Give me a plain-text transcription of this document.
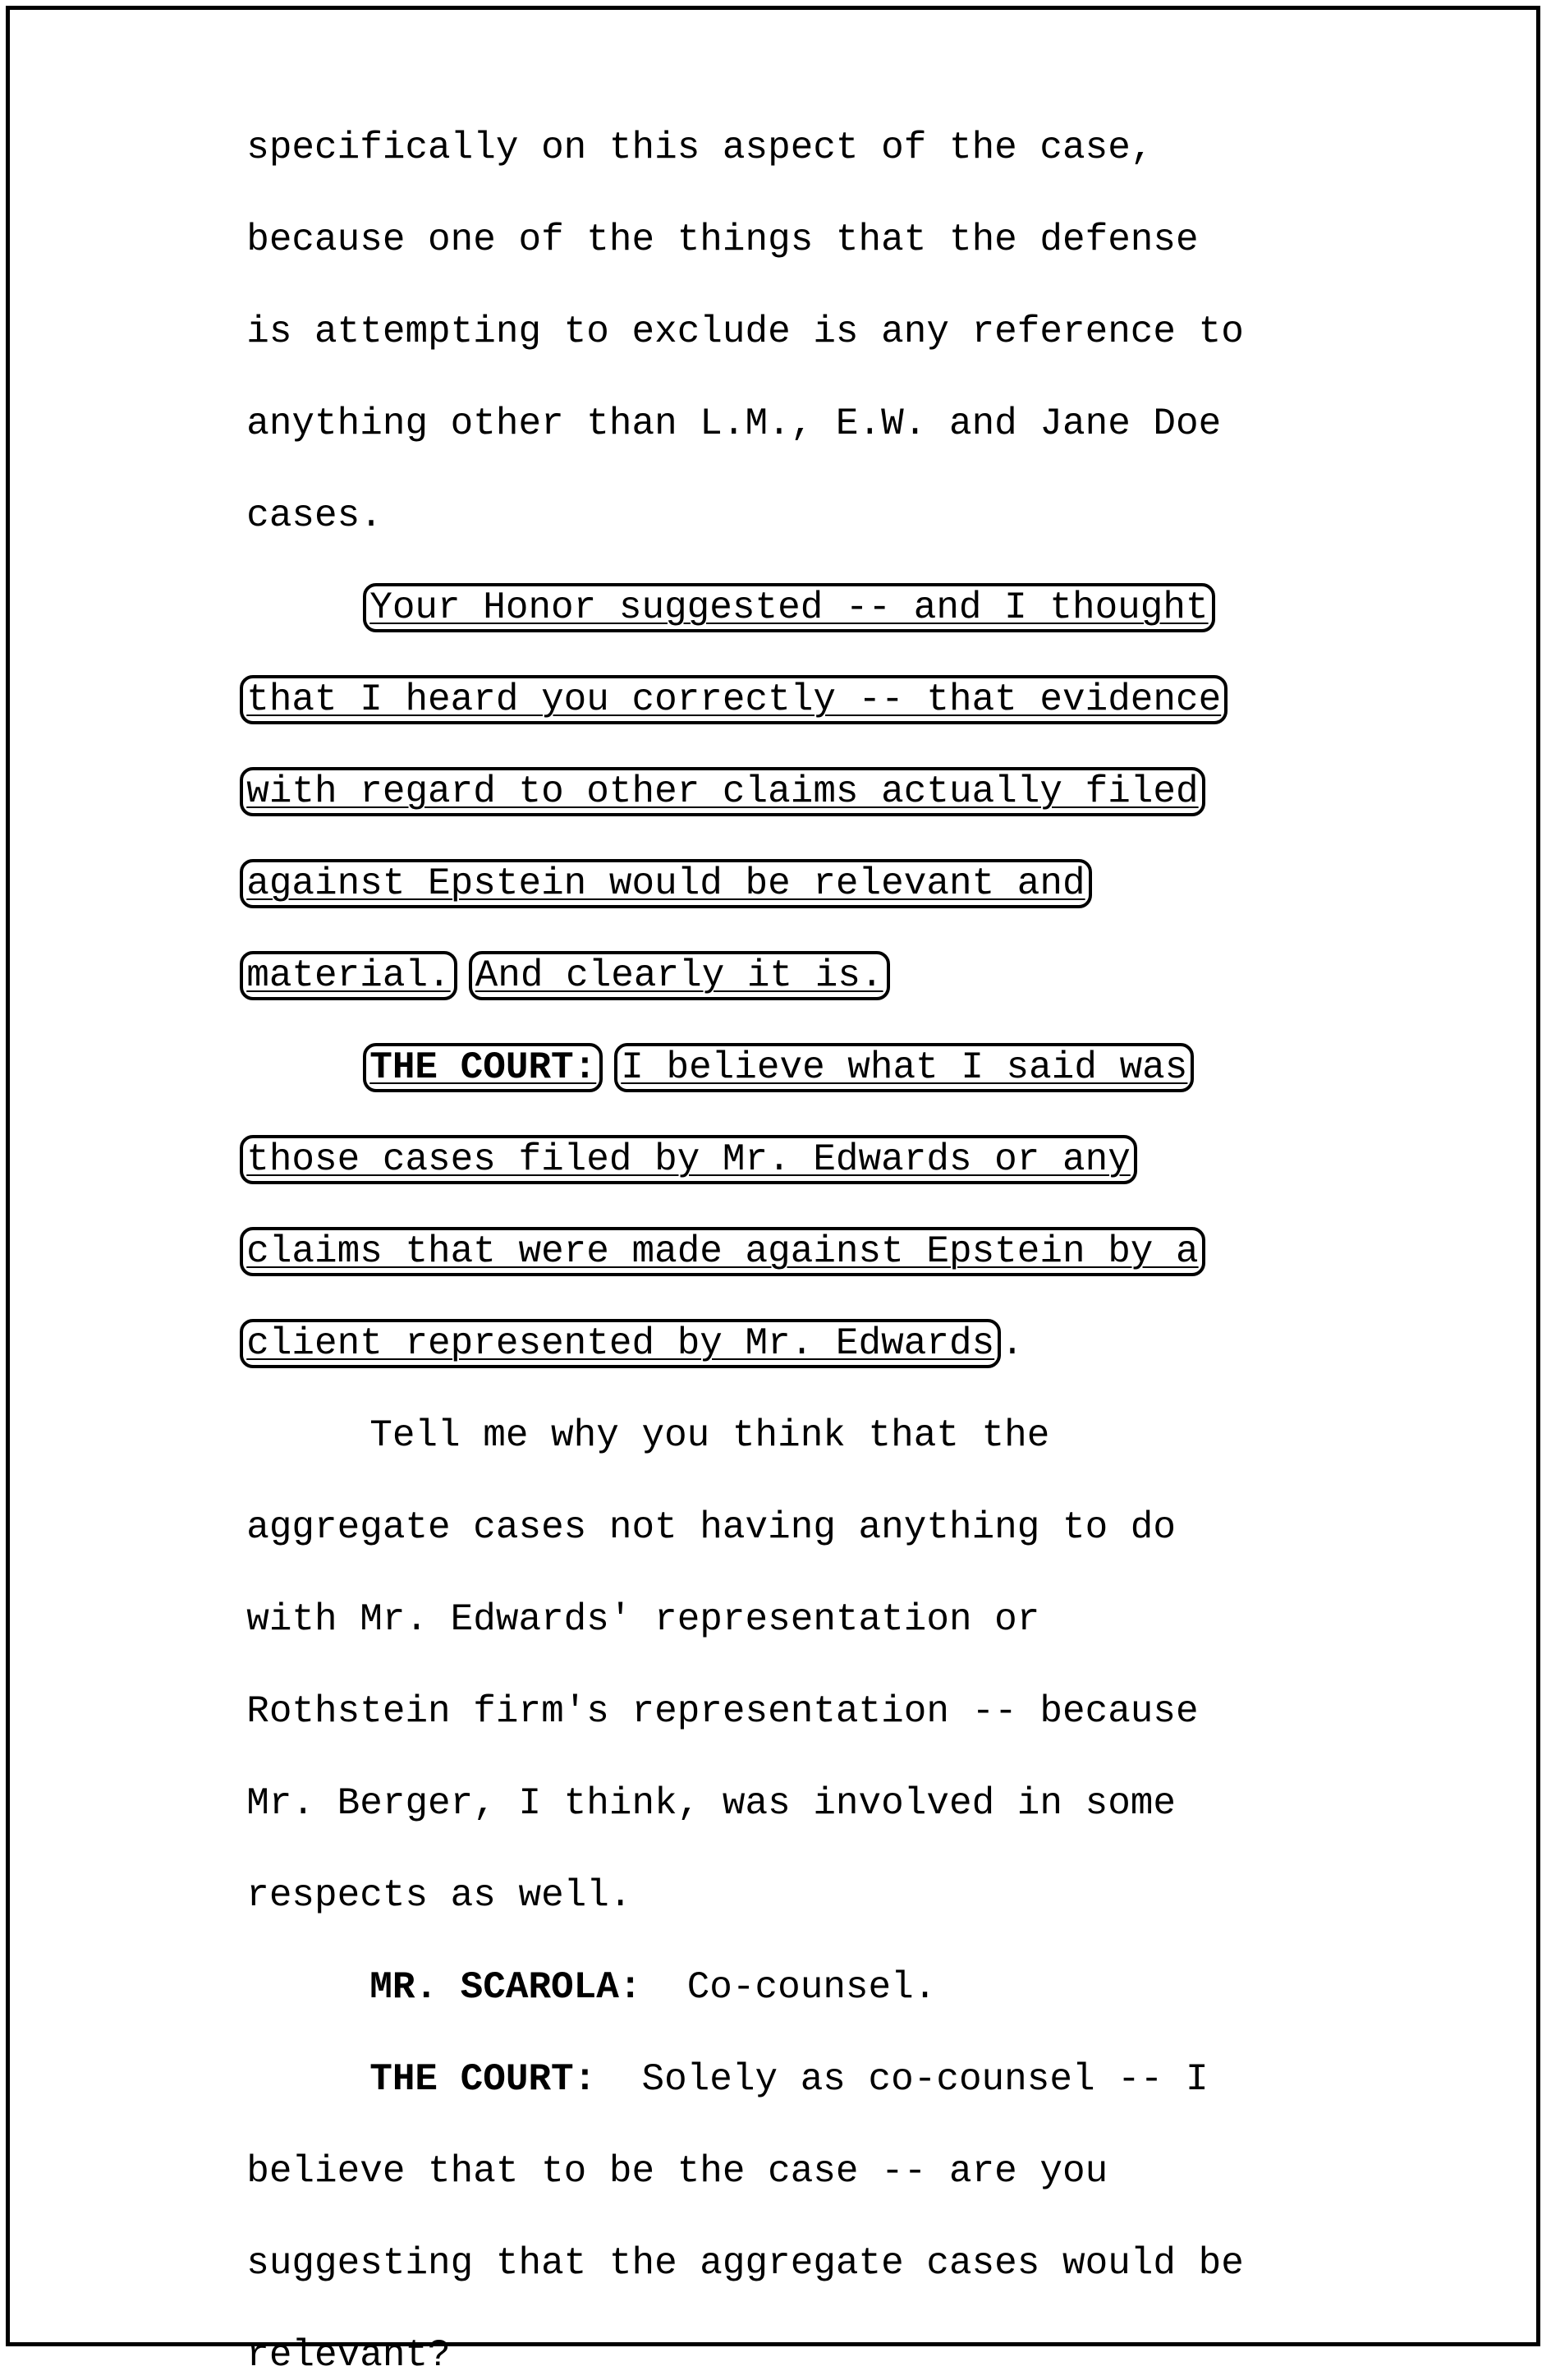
specifically on this aspect of the case,

because one of the things that the defense

is attempting to exclude is any reference to

anything other than L.M., E.W. and Jane Doe

cases.

Your Honor suggested -- and I thought

that I heard you correctly -- that evidence

with regard to other claims actually filed

against Epstein would be relevant and

material. And clearly it is.

THE COURT: I believe what I said was

those cases filed by Mr. Edwards or any

claims that were made against Epstein by a

client represented by Mr. Edwards .

Tell me why you think that the

aggregate cases not having anything to do

with Mr. Edwards' representation or

Rothstein firm's representation -- because

Mr. Berger, I think, was involved in some

respects as well.

MR. SCAROLA:  Co-counsel.

THE COURT:  Solely as co-counsel -- I

believe that to be the case -- are you

suggesting that the aggregate cases would be

relevant?
